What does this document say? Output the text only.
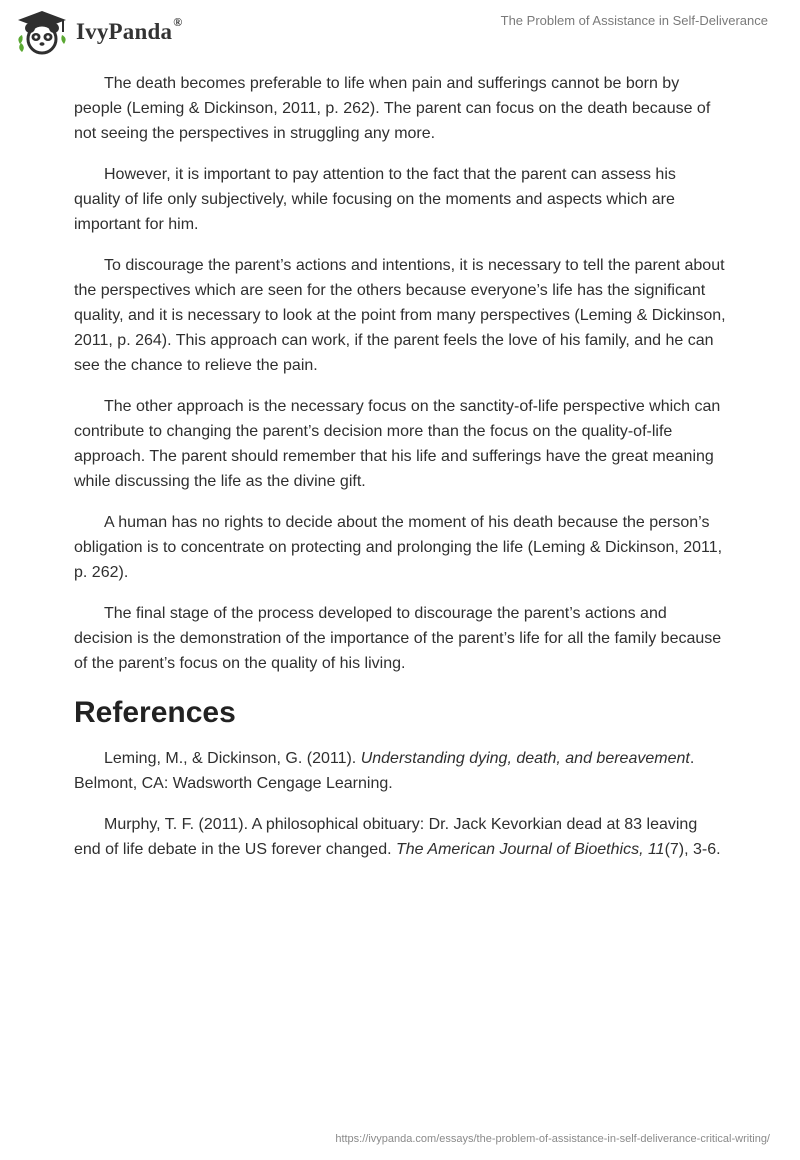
IvyPanda®	The Problem of Assistance in Self-Deliverance

The death becomes preferable to life when pain and sufferings cannot be born by people (Leming & Dickinson, 2011, p. 262). The parent can focus on the death because of not seeing the perspectives in struggling any more.

However, it is important to pay attention to the fact that the parent can assess his quality of life only subjectively, while focusing on the moments and aspects which are important for him.

To discourage the parent’s actions and intentions, it is necessary to tell the parent about the perspectives which are seen for the others because everyone’s life has the significant quality, and it is necessary to look at the point from many perspectives (Leming & Dickinson, 2011, p. 264). This approach can work, if the parent feels the love of his family, and he can see the chance to relieve the pain.

The other approach is the necessary focus on the sanctity-of-life perspective which can contribute to changing the parent’s decision more than the focus on the quality-of-life approach. The parent should remember that his life and sufferings have the great meaning while discussing the life as the divine gift.

A human has no rights to decide about the moment of his death because the person’s obligation is to concentrate on protecting and prolonging the life (Leming & Dickinson, 2011, p. 262).

The final stage of the process developed to discourage the parent’s actions and decision is the demonstration of the importance of the parent’s life for all the family because of the parent’s focus on the quality of his living.

References

Leming, M., & Dickinson, G. (2011). Understanding dying, death, and bereavement. Belmont, CA: Wadsworth Cengage Learning.

Murphy, T. F. (2011). A philosophical obituary: Dr. Jack Kevorkian dead at 83 leaving end of life debate in the US forever changed. The American Journal of Bioethics, 11(7), 3-6.

https://ivypanda.com/essays/the-problem-of-assistance-in-self-deliverance-critical-writing/
